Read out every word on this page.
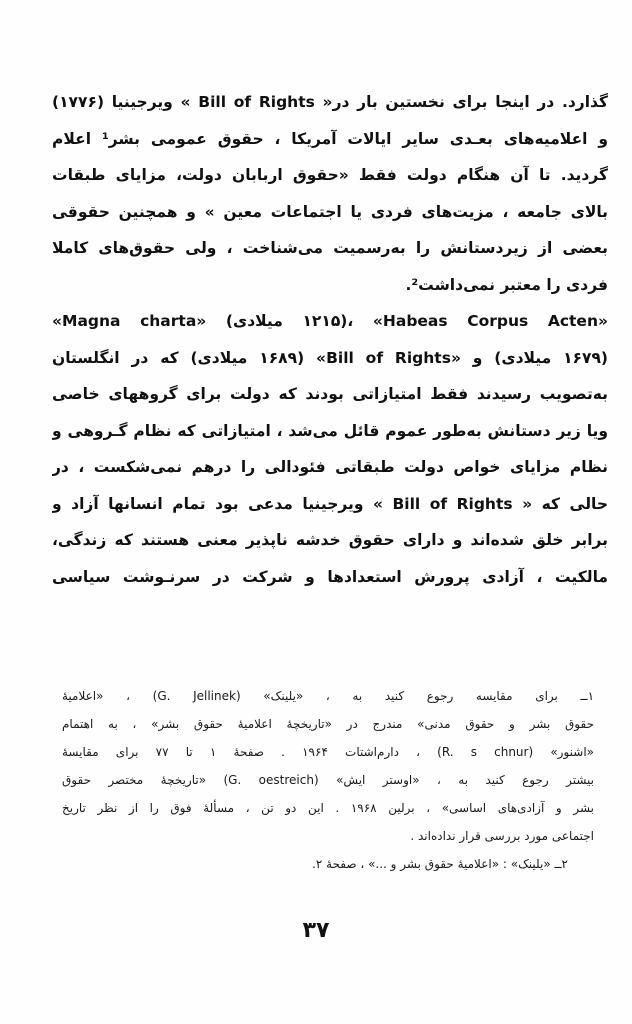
گذارد. در اینجا برای نخستین بار در« Bill of Rights » ویرجینیا (۱۷۷۶)

و اعلامیه‌های بعـدی سایر ایالات آمریکا ، حقوق عمومی بشر¹ اعلام

گردید. تا آن هنگام دولت فقط «حقوق اربابان دولت، مزایای طبقات

بالای جامعه ، مزیت‌های فردی یا اجتماعات معین » و همچنین حقوقی

بعضی از زیردستانش را به‌رسمیت می‌شناخت ، ولی حقوق‌های کاملا

فردی را معتبر نمی‌داشت².

«Habeas Corpus Acten» ،(۱۲۱۵ میلادی) «Magna charta»

(۱۶۷۹ میلادی) و «Bill of Rights» (۱۶۸۹ میلادی) که در انگلستان

به‌تصویب رسیدند فقط امتیازاتی بودند که دولت برای گروههای خاصی

ویا زیر دستانش به‌طور عموم قائل می‌شد ، امتیازاتی که نظام گـروهی و

نظام مزایای خواص دولت طبقاتی فئودالی را درهم نمی‌شکست ، در

حالی که « Bill of Rights » ویرجینیا مدعی بود تمام انسانها آزاد و

برابر خلق شده‌اند و دارای حقوق خدشه ناپذیر معنی هستند که زندگی،

مالکیت ، آزادی پرورش استعدادها و شرکت در سرنـوشت سیاسی

۱ــ برای مقایسه رجوع کنید به ، «یلینک» (G. Jellinek) ، «اعلامیهٔ

حقوق بشر و حقوق مدنی» مندرج در «تاریخچهٔ اعلامیهٔ حقوق بشر» ، به اهتمام

«اشنور» (R. s chnur) ، دارم‌اشتات ۱۹۶۴ . صفحهٔ ۱ تا ۷۷ برای مقایسهٔ

بیشتر رجوع کنید به ، «اوستر ایش» (G. oestreich) «تاریخچهٔ مختصر حقوق

بشر و آزادی‌های اساسی» ، برلین ۱۹۶۸ . این دو تن ، مسألهٔ فوق را از نظر تاریخ

اجتماعی مورد بررسی قرار نداده‌اند .

۲ــ «یلینک» : «اعلامیهٔ حقوق بشر و ...» ، صفحهٔ ۲.

۳۷
